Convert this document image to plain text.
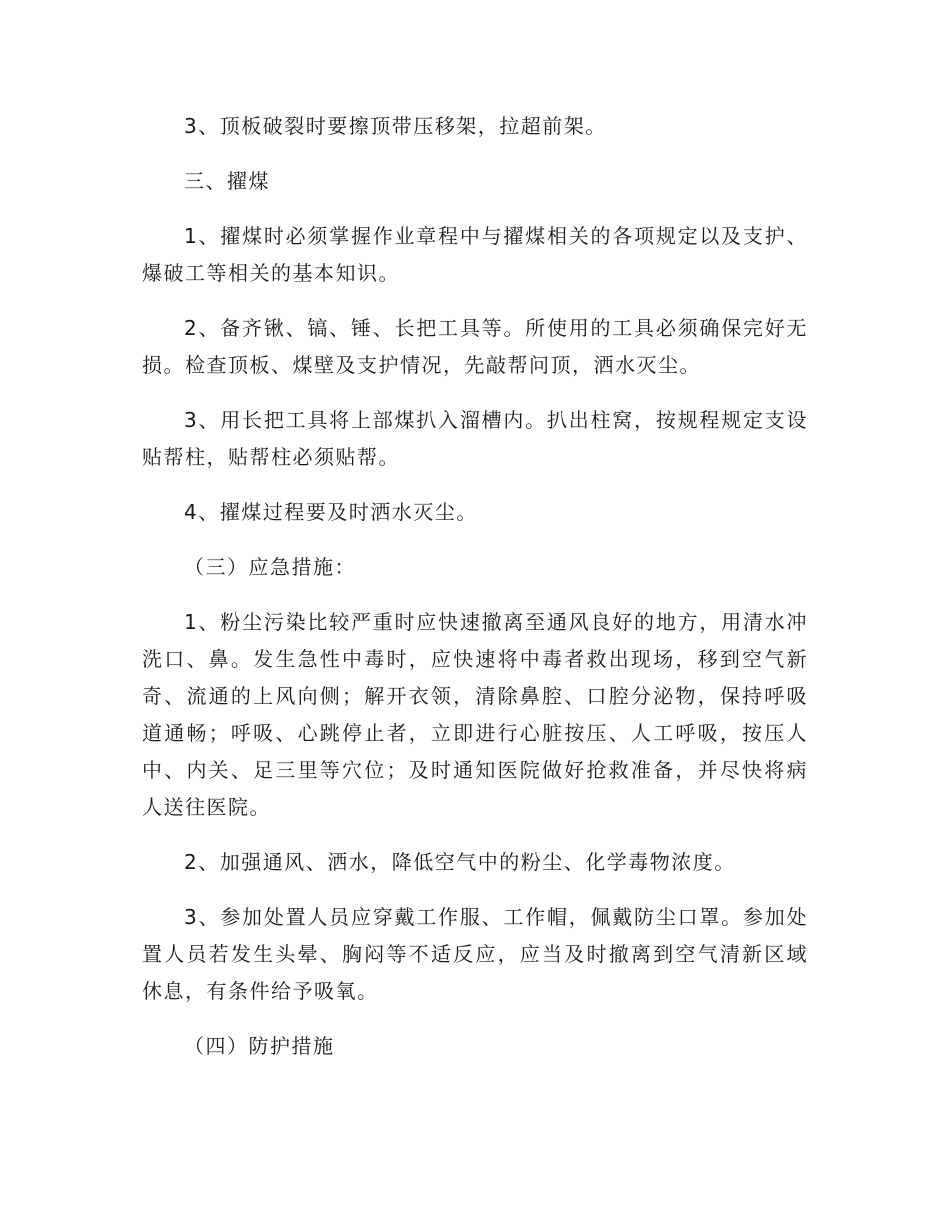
3、顶板破裂时要擦顶带压移架，拉超前架。

三、擢煤

1、擢煤时必须掌握作业章程中与擢煤相关的各项规定以及支护、爆破工等相关的基本知识。

2、备齐锹、镐、锤、长把工具等。所使用的工具必须确保完好无损。检查顶板、煤壁及支护情况，先敲帮问顶，洒水灭尘。

3、用长把工具将上部煤扒入溜槽内。扒出柱窝，按规程规定支设贴帮柱，贴帮柱必须贴帮。

4、擢煤过程要及时洒水灭尘。

（三）应急措施：

1、粉尘污染比较严重时应快速撤离至通风良好的地方，用清水冲洗口、鼻。发生急性中毒时，应快速将中毒者救出现场，移到空气新奇、流通的上风向侧；解开衣领，清除鼻腔、口腔分泌物，保持呼吸道通畅；呼吸、心跳停止者，立即进行心脏按压、人工呼吸，按压人中、内关、足三里等穴位；及时通知医院做好抢救准备，并尽快将病人送往医院。

2、加强通风、洒水，降低空气中的粉尘、化学毒物浓度。

3、参加处置人员应穿戴工作服、工作帽，佩戴防尘口罩。参加处置人员若发生头晕、胸闷等不适反应，应当及时撤离到空气清新区域休息，有条件给予吸氧。

（四）防护措施
